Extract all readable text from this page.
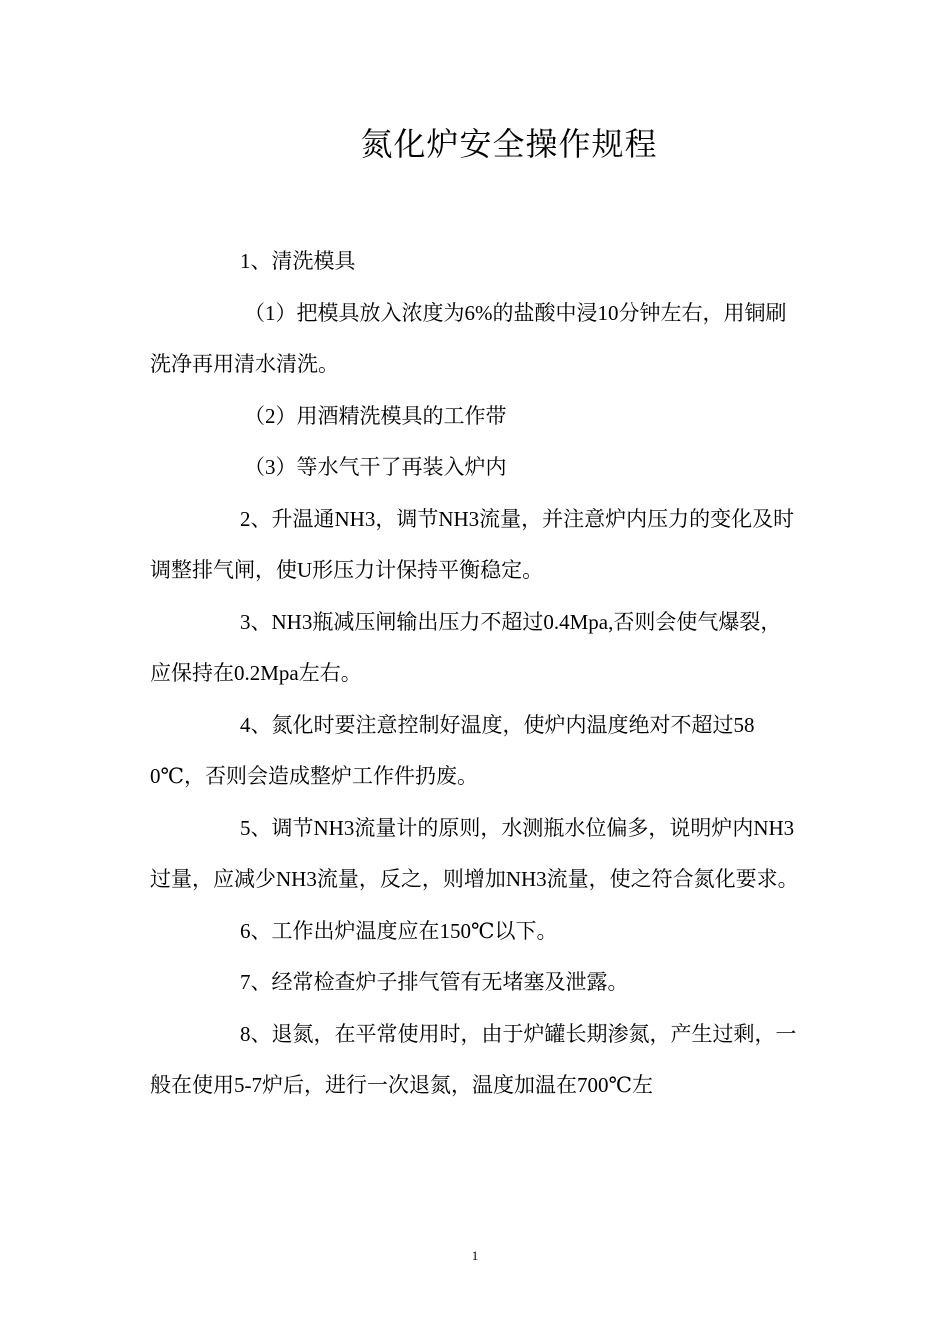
氮化炉安全操作规程

1、清洗模具

（1）把模具放入浓度为6%的盐酸中浸10分钟左右，用铜刷洗净再用清水清洗。

（2）用酒精洗模具的工作带

（3）等水气干了再装入炉内

2、升温通NH3，调节NH3流量，并注意炉内压力的变化及时调整排气闸，使U形压力计保持平衡稳定。

3、NH3瓶减压闸输出压力不超过0.4Mpa,否则会使气爆裂，应保持在0.2Mpa左右。

4、氮化时要注意控制好温度，使炉内温度绝对不超过580℃，否则会造成整炉工作件扔废。

5、调节NH3流量计的原则，水测瓶水位偏多，说明炉内NH3过量，应减少NH3流量，反之，则增加NH3流量，使之符合氮化要求。

6、工作出炉温度应在150℃以下。

7、经常检查炉子排气管有无堵塞及泄露。

8、退氮，在平常使用时，由于炉罐长期渗氮，产生过剩，一般在使用5-7炉后，进行一次退氮，温度加温在700℃左

1
